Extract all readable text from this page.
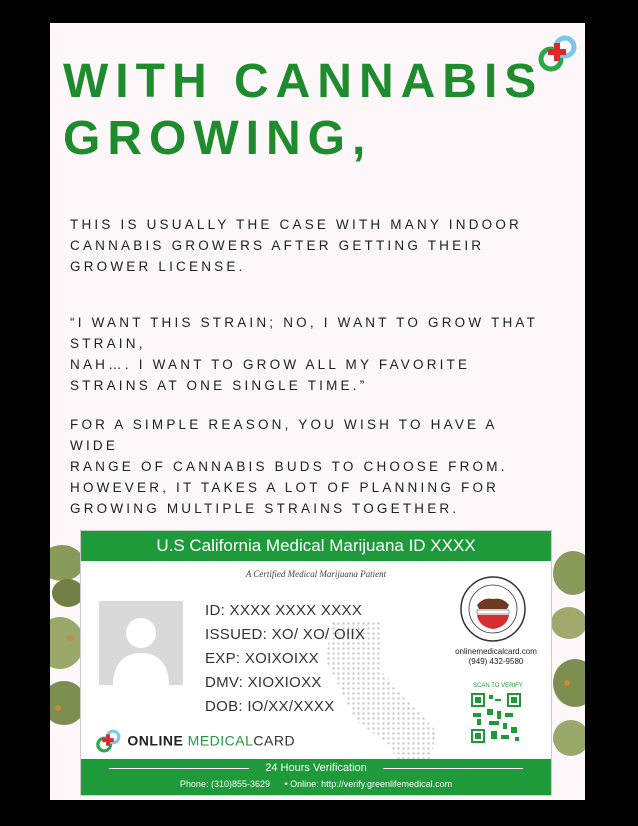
WITH CANNABIS
GROWING,

THIS IS USUALLY THE CASE WITH MANY INDOOR
CANNABIS GROWERS AFTER GETTING THEIR
GROWER LICENSE.

“I WANT THIS STRAIN; NO, I WANT TO GROW THAT
STRAIN,
NAH…. I WANT TO GROW ALL MY FAVORITE
STRAINS AT ONE SINGLE TIME.”

FOR A SIMPLE REASON, YOU WISH TO HAVE A WIDE
RANGE OF CANNABIS BUDS TO CHOOSE FROM.
HOWEVER, IT TAKES A LOT OF PLANNING FOR
GROWING MULTIPLE STRAINS TOGETHER.

U.S California Medical Marijuana ID XXXX
A Certified Medical Marijuana Patient
ID: XXXX XXXX XXXX
ISSUED: XO/ XO/ OIIX
EXP: XOIXOIXX
DMV: XIOXIOXX
DOB: IO/XX/XXXX
onlinemedicalcard.com
(949) 432-9580
SCAN TO VERIFY
ONLINE MEDICALCARD
24 Hours Verification
Phone: (310)855-3629 • Online: http://verify.greenlifemedical.com
